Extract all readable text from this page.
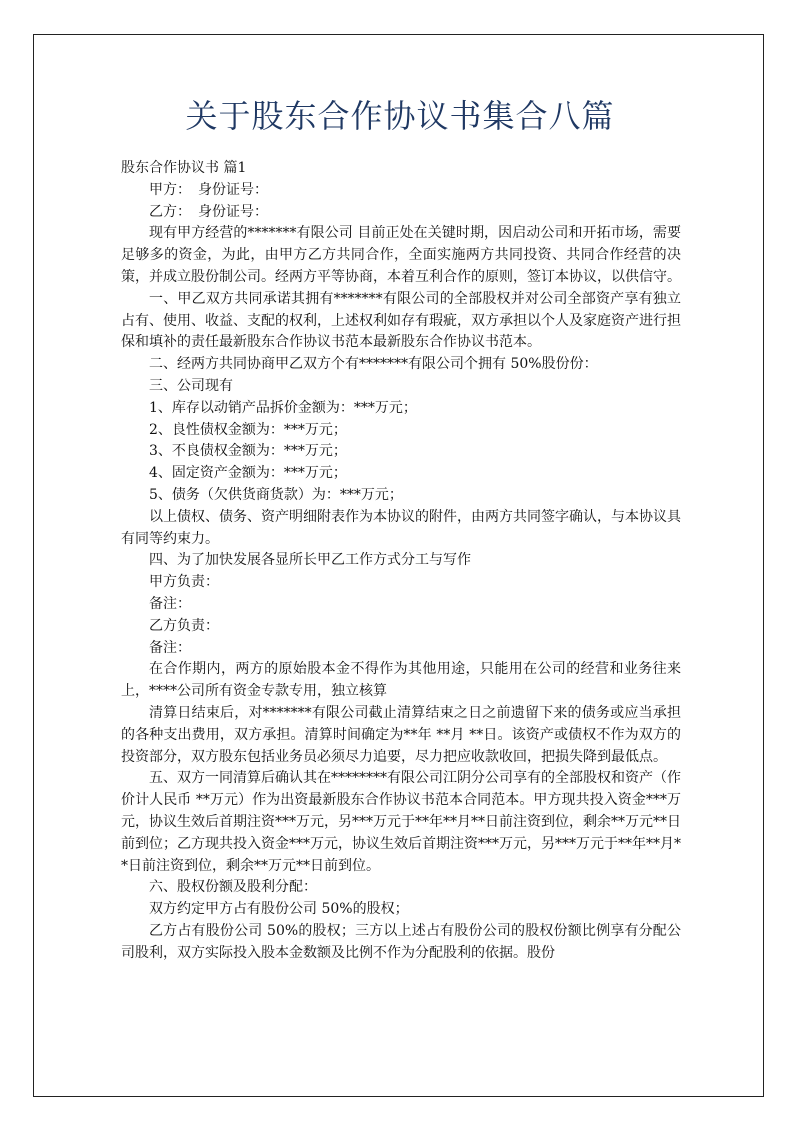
关于股东合作协议书集合八篇

股东合作协议书 篇1

甲方：　身份证号：

乙方：　身份证号：

现有甲方经营的*******有限公司 目前正处在关键时期，因启动公司和开拓市场，需要足够多的资金，为此，由甲方乙方共同合作，全面实施两方共同投资、共同合作经营的决策，并成立股份制公司。经两方平等协商，本着互利合作的原则，签订本协议，以供信守。

一、甲乙双方共同承诺其拥有*******有限公司的全部股权并对公司全部资产享有独立占有、使用、收益、支配的权利，上述权利如存有瑕疵，双方承担以个人及家庭资产进行担保和填补的责任最新股东合作协议书范本最新股东合作协议书范本。

二、经两方共同协商甲乙双方个有*******有限公司个拥有 50%股份份：

三、公司现有

1、库存以动销产品拆价金额为：***万元；

2、良性债权金额为：***万元；

3、不良债权金额为：***万元；

4、固定资产金额为：***万元；

5、债务（欠供货商货款）为：***万元；

以上债权、债务、资产明细附表作为本协议的附件，由两方共同签字确认，与本协议具有同等约束力。

四、为了加快发展各显所长甲乙工作方式分工与写作

甲方负责：

备注：

乙方负责：

备注：

在合作期内，两方的原始股本金不得作为其他用途，只能用在公司的经营和业务往来上，****公司所有资金专款专用，独立核算

清算日结束后，对*******有限公司截止清算结束之日之前遗留下来的债务或应当承担的各种支出费用，双方承担。清算时间确定为**年 **月 **日。该资产或债权不作为双方的投资部分，双方股东包括业务员必须尽力追要，尽力把应收款收回，把损失降到最低点。

五、双方一同清算后确认其在********有限公司江阴分公司享有的全部股权和资产（作价计人民币 **万元）作为出资最新股东合作协议书范本合同范本。甲方现共投入资金***万元，协议生效后首期注资***万元，另***万元于**年**月**日前注资到位，剩余**万元**日前到位；乙方现共投入资金***万元，协议生效后首期注资***万元，另***万元于**年**月**日前注资到位，剩余**万元**日前到位。

六、股权份额及股利分配：

双方约定甲方占有股份公司 50%的股权；

乙方占有股份公司 50%的股权；三方以上述占有股份公司的股权份额比例享有分配公司股利，双方实际投入股本金数额及比例不作为分配股利的依据。股份
